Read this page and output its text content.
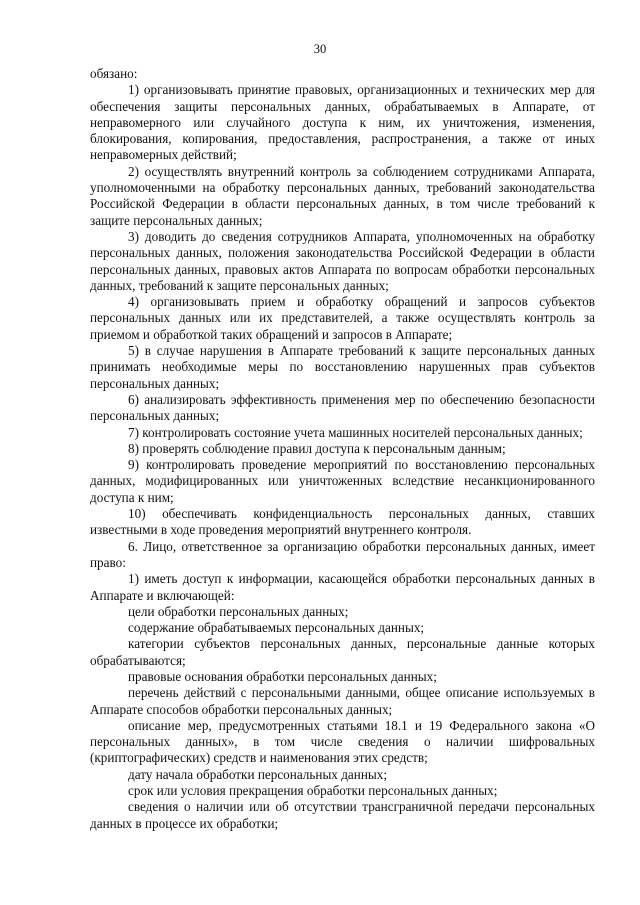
30

обязано:

1) организовывать принятие правовых, организационных и технических мер для обеспечения защиты персональных данных, обрабатываемых в Аппарате, от неправомерного или случайного доступа к ним, их уничтожения, изменения, блокирования, копирования, предоставления, распространения, а также от иных неправомерных действий;

2) осуществлять внутренний контроль за соблюдением сотрудниками Аппарата, уполномоченными на обработку персональных данных, требований законодательства Российской Федерации в области персональных данных, в том числе требований к защите персональных данных;

3) доводить до сведения сотрудников Аппарата, уполномоченных на обработку персональных данных, положения законодательства Российской Федерации в области персональных данных, правовых актов Аппарата по вопросам обработки персональных данных, требований к защите персональных данных;

4) организовывать прием и обработку обращений и запросов субъектов персональных данных или их представителей, а также осуществлять контроль за приемом и обработкой таких обращений и запросов в Аппарате;

5) в случае нарушения в Аппарате требований к защите персональных данных принимать необходимые меры по восстановлению нарушенных прав субъектов персональных данных;

6) анализировать эффективность применения мер по обеспечению безопасности персональных данных;

7) контролировать состояние учета машинных носителей персональных данных;

8) проверять соблюдение правил доступа к персональным данным;

9) контролировать проведение мероприятий по восстановлению персональных данных, модифицированных или уничтоженных вследствие несанкционированного доступа к ним;

10) обеспечивать конфиденциальность персональных данных, ставших известными в ходе проведения мероприятий внутреннего контроля.

6. Лицо, ответственное за организацию обработки персональных данных, имеет право:

1) иметь доступ к информации, касающейся обработки персональных данных в Аппарате и включающей:

цели обработки персональных данных;

содержание обрабатываемых персональных данных;

категории субъектов персональных данных, персональные данные которых обрабатываются;

правовые основания обработки персональных данных;

перечень действий с персональными данными, общее описание используемых в Аппарате способов обработки персональных данных;

описание мер, предусмотренных статьями 18.1 и 19 Федерального закона «О персональных данных», в том числе сведения о наличии шифровальных (криптографических) средств и наименования этих средств;

дату начала обработки персональных данных;

срок или условия прекращения обработки персональных данных;

сведения о наличии или об отсутствии трансграничной передачи персональных данных в процессе их обработки;
